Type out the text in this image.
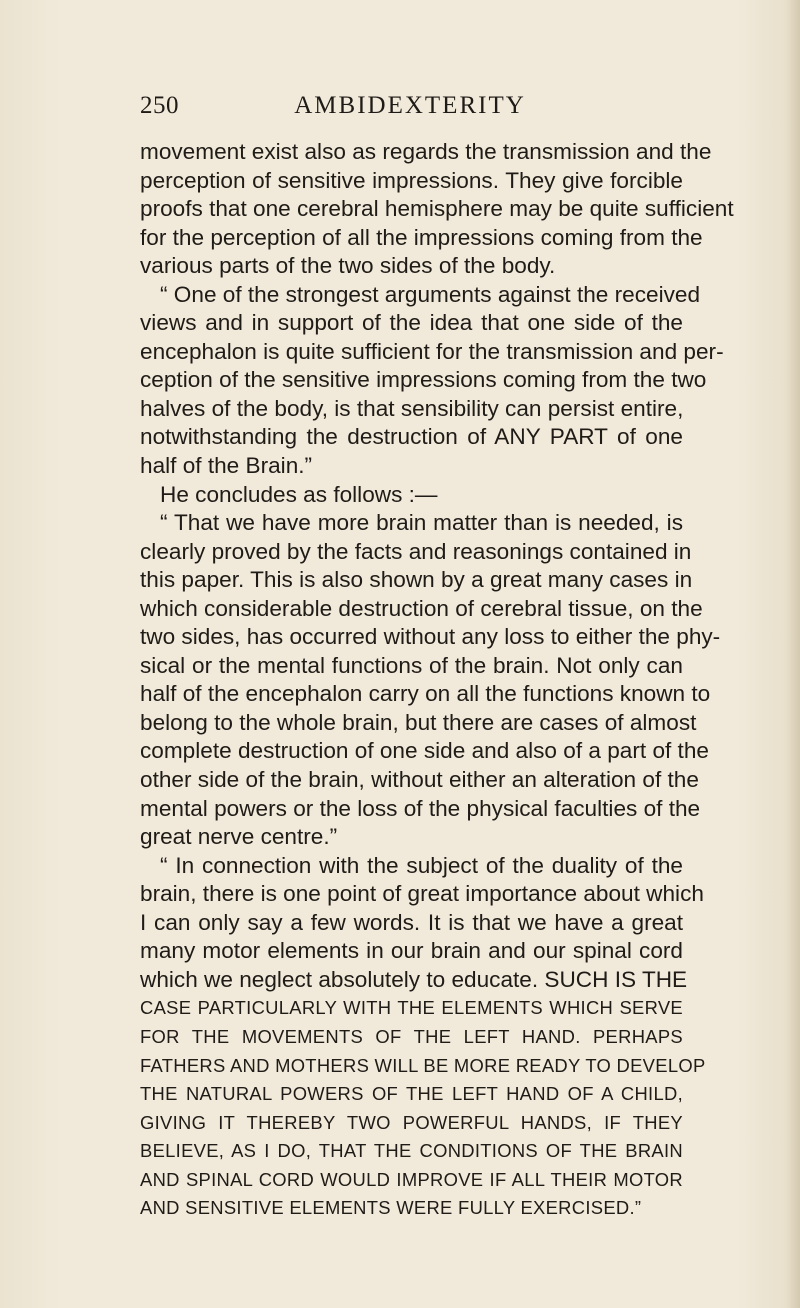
250	AMBIDEXTERITY
movement exist also as regards the transmission and the
perception of sensitive impressions. They give forcible
proofs that one cerebral hemisphere may be quite sufficient
for the perception of all the impressions coming from the
various parts of the two sides of the body.
“ One of the strongest arguments against the received
views and in support of the idea that one side of the
encephalon is quite sufficient for the transmission and per-
ception of the sensitive impressions coming from the two
halves of the body, is that sensibility can persist entire,
notwithstanding the destruction of ANY PART of one
half of the Brain.”
He concludes as follows :—
“ That we have more brain matter than is needed, is
clearly proved by the facts and reasonings contained in
this paper. This is also shown by a great many cases in
which considerable destruction of cerebral tissue, on the
two sides, has occurred without any loss to either the phy-
sical or the mental functions of the brain. Not only can
half of the encephalon carry on all the functions known to
belong to the whole brain, but there are cases of almost
complete destruction of one side and also of a part of the
other side of the brain, without either an alteration of the
mental powers or the loss of the physical faculties of the
great nerve centre.”
“ In connection with the subject of the duality of the
brain, there is one point of great importance about which
I can only say a few words. It is that we have a great
many motor elements in our brain and our spinal cord
which we neglect absolutely to educate. SUCH IS THE
CASE PARTICULARLY WITH THE ELEMENTS WHICH SERVE
FOR THE MOVEMENTS OF THE LEFT HAND. PERHAPS
FATHERS AND MOTHERS WILL BE MORE READY TO DEVELOP
THE NATURAL POWERS OF THE LEFT HAND OF A CHILD,
GIVING IT THEREBY TWO POWERFUL HANDS, IF THEY
BELIEVE, AS I DO, THAT THE CONDITIONS OF THE BRAIN
AND SPINAL CORD WOULD IMPROVE IF ALL THEIR MOTOR
AND SENSITIVE ELEMENTS WERE FULLY EXERCISED.”
